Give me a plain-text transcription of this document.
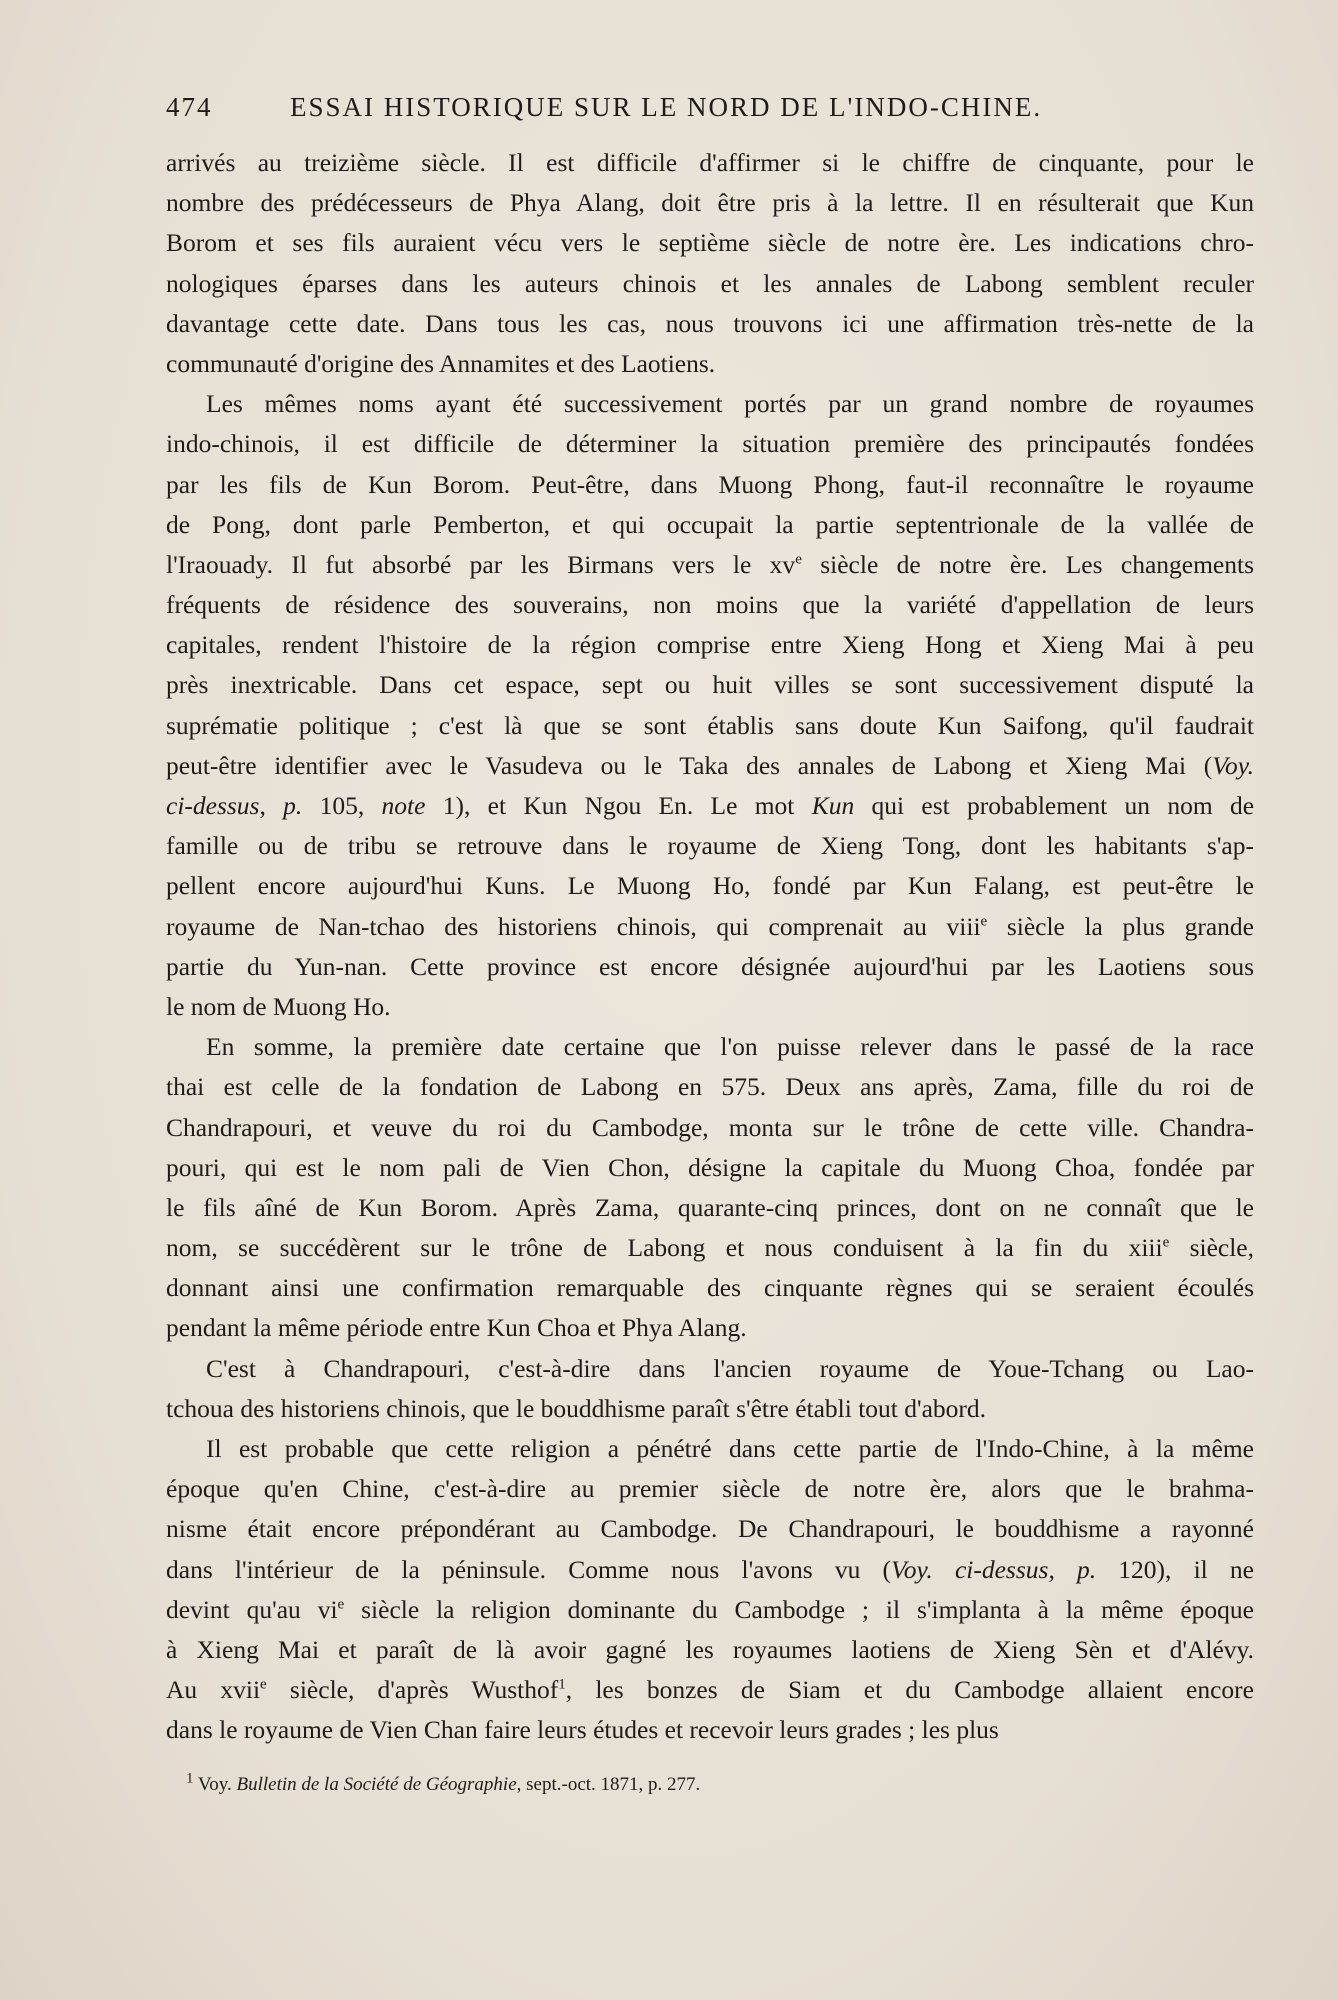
474	ESSAI HISTORIQUE SUR LE NORD DE L'INDO-CHINE.
arrivés au treizième siècle. Il est difficile d'affirmer si le chiffre de cinquante, pour le
nombre des prédécesseurs de Phya Alang, doit être pris à la lettre. Il en résulterait que Kun
Borom et ses fils auraient vécu vers le septième siècle de notre ère. Les indications chro-
nologiques éparses dans les auteurs chinois et les annales de Labong semblent reculer
davantage cette date. Dans tous les cas, nous trouvons ici une affirmation très-nette de la
communauté d'origine des Annamites et des Laotiens.
Les mêmes noms ayant été successivement portés par un grand nombre de royaumes
indo-chinois, il est difficile de déterminer la situation première des principautés fondées
par les fils de Kun Borom. Peut-être, dans Muong Phong, faut-il reconnaître le royaume
de Pong, dont parle Pemberton, et qui occupait la partie septentrionale de la vallée de
l'Iraouady. Il fut absorbé par les Birmans vers le $xv^e$ siècle de notre ère. Les changements
fréquents de résidence des souverains, non moins que la variété d'appellation de leurs
capitales, rendent l'histoire de la région comprise entre Xieng Hong et Xieng Mai à peu
près inextricable. Dans cet espace, sept ou huit villes se sont successivement disputé la
suprématie politique ; c'est là que se sont établis sans doute Kun Saifong, qu'il faudrait
peut-être identifier avec le Vasudeva ou le Taka des annales de Labong et Xieng Mai (Voy.
ci-dessus, p. 105, note 1), et Kun Ngou En. Le mot Kun qui est probablement un nom de
famille ou de tribu se retrouve dans le royaume de Xieng Tong, dont les habitants s'ap-
pellent encore aujourd'hui Kuns. Le Muong Ho, fondé par Kun Falang, est peut-être le
royaume de Nan-tchao des historiens chinois, qui comprenait au viii$^e$ siècle la plus grande
partie du Yun-nan. Cette province est encore désignée aujourd'hui par les Laotiens sous
le nom de Muong Ho.
En somme, la première date certaine que l'on puisse relever dans le passé de la race
thai est celle de la fondation de Labong en 575. Deux ans après, Zama, fille du roi de
Chandrapouri, et veuve du roi du Cambodge, monta sur le trône de cette ville. Chandra-
pouri, qui est le nom pali de Vien Chon, désigne la capitale du Muong Choa, fondée par
le fils aîné de Kun Borom. Après Zama, quarante-cinq princes, dont on ne connaît que le
nom, se succédèrent sur le trône de Labong et nous conduisent à la fin du xiii$^e$ siècle,
donnant ainsi une confirmation remarquable des cinquante règnes qui se seraient écoulés
pendant la même période entre Kun Choa et Phya Alang.
C'est à Chandrapouri, c'est-à-dire dans l'ancien royaume de Youe-Tchang ou Lao-
tchoua des historiens chinois, que le bouddhisme paraît s'être établi tout d'abord.
Il est probable que cette religion a pénétré dans cette partie de l'Indo-Chine, à la même
époque qu'en Chine, c'est-à-dire au premier siècle de notre ère, alors que le brahma-
nisme était encore prépondérant au Cambodge. De Chandrapouri, le bouddhisme a rayonné
dans l'intérieur de la péninsule. Comme nous l'avons vu (Voy. ci-dessus, p. 120), il ne
devint qu'au $vi^e$ siècle la religion dominante du Cambodge ; il s'implanta à la même époque
à Xieng Mai et paraît de là avoir gagné les royaumes laotiens de Xieng Sèn et d'Alévy.
Au xvii$^e$ siècle, d'après Wusthof$^1$, les bonzes de Siam et du Cambodge allaient encore
dans le royaume de Vien Chan faire leurs études et recevoir leurs grades ; les plus
$^1$ Voy. Bulletin de la Société de Géographie, sept.-oct. 1871, p. 277.
